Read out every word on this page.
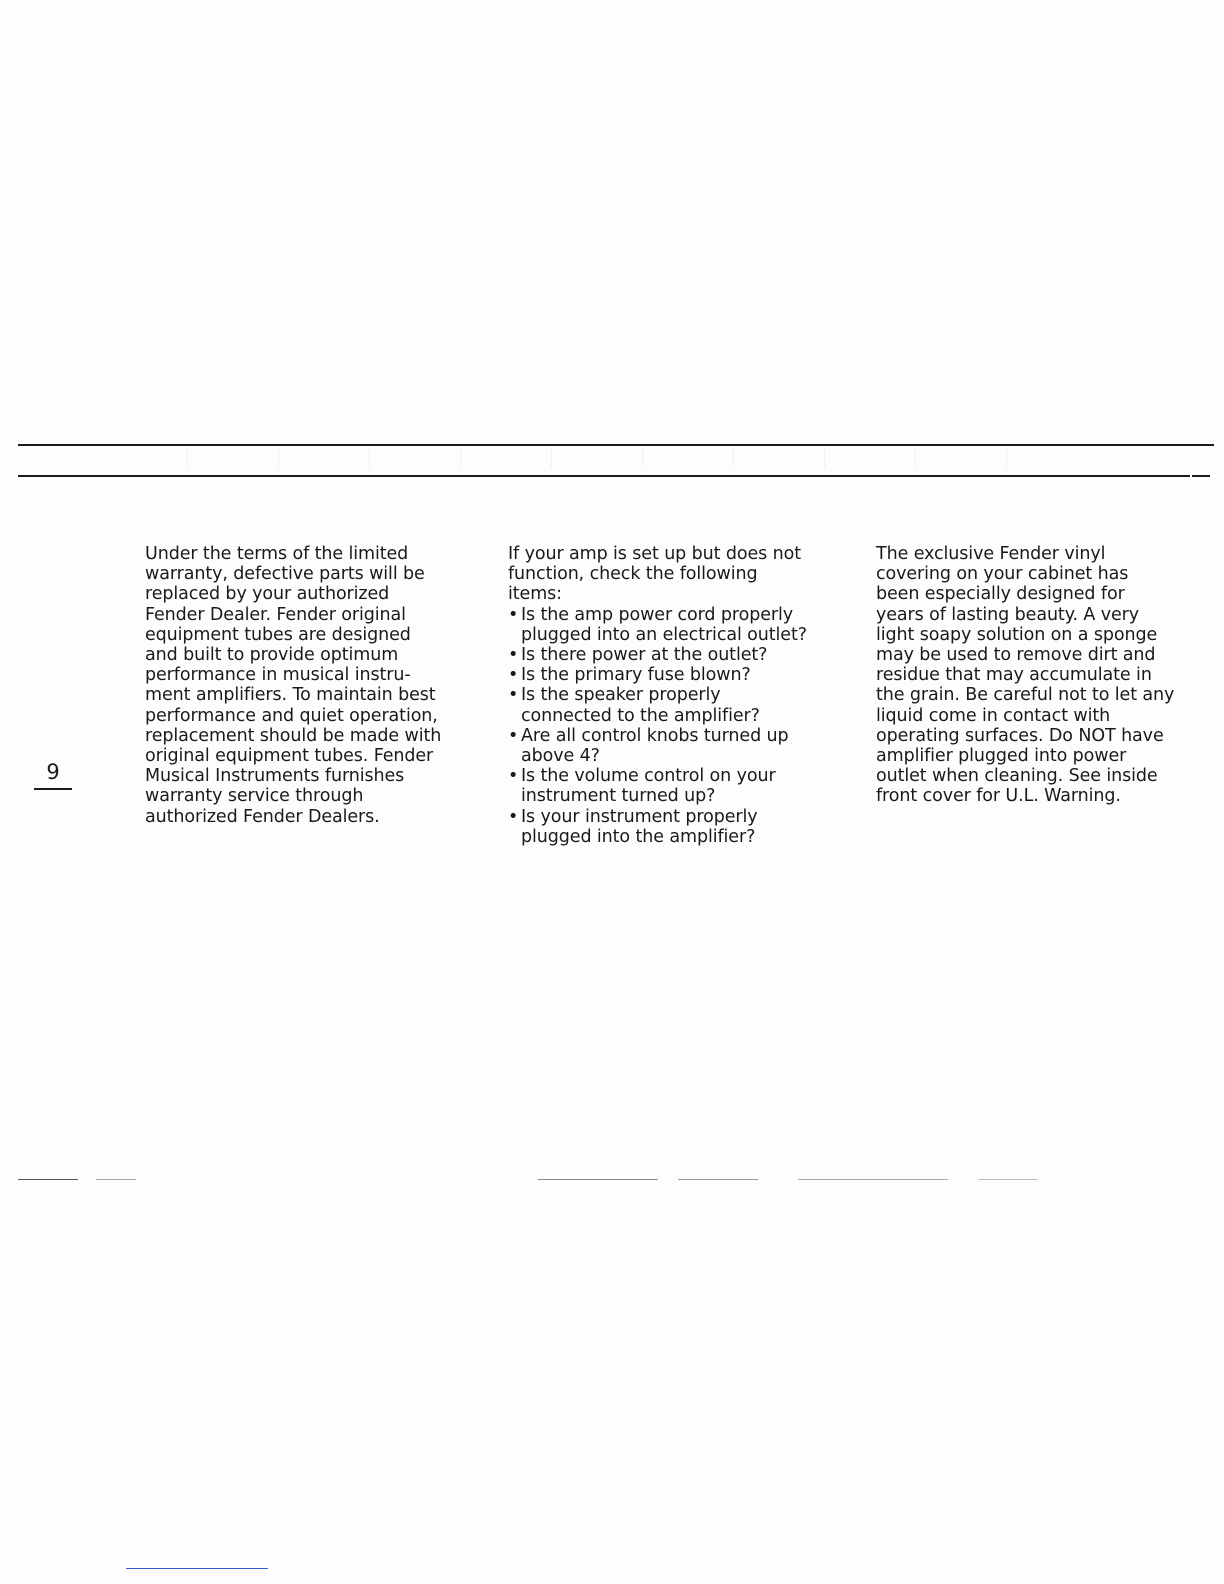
9

Under the terms of the limited warranty, defective parts will be replaced by your authorized Fender Dealer. Fender original equipment tubes are designed and built to provide optimum performance in musical instru-ment amplifiers. To maintain best performance and quiet operation, replacement should be made with original equipment tubes. Fender Musical Instruments furnishes warranty service through authorized Fender Dealers.

If your amp is set up but does not function, check the following items:

• Is the amp power cord properly plugged into an electrical outlet?
• Is there power at the outlet?
• Is the primary fuse blown?
• Is the speaker properly connected to the amplifier?
• Are all control knobs turned up above 4?
• Is the volume control on your instrument turned up?
• Is your instrument properly plugged into the amplifier?

The exclusive Fender vinyl covering on your cabinet has been especially designed for years of lasting beauty. A very light soapy solution on a sponge may be used to remove dirt and residue that may accumulate in the grain. Be careful not to let any liquid come in contact with operating surfaces. Do NOT have amplifier plugged into power outlet when cleaning. See inside front cover for U.L. Warning.
